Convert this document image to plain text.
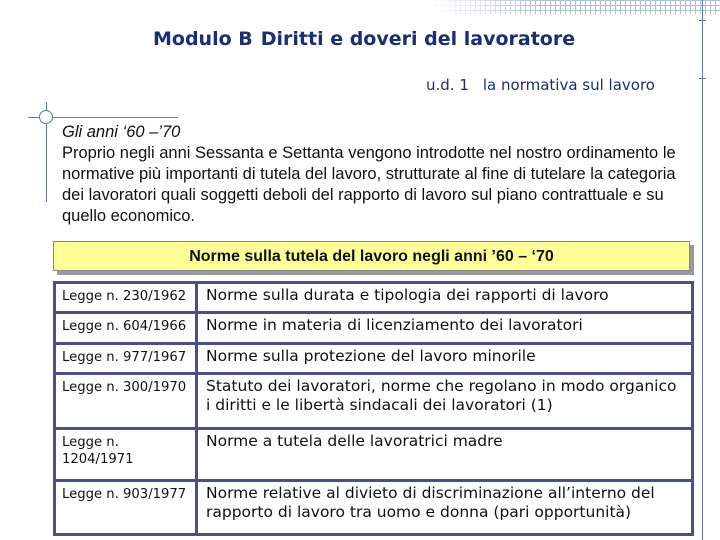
Modulo B Diritti e doveri del lavoratore
u.d. 1 la normativa sul lavoro
Gli anni ‘60 –’70
Proprio negli anni Sessanta e Settanta vengono introdotte nel nostro ordinamento le normative più importanti di tutela del lavoro, strutturate al fine di tutelare la categoria dei lavoratori quali soggetti deboli del rapporto di lavoro sul piano contrattuale e su quello economico.
Norme sulla tutela del lavoro negli anni ’60 – ‘70
Legge n. 230/1962	Norme sulla durata e tipologia dei rapporti di lavoro
Legge n. 604/1966	Norme in materia di licenziamento dei lavoratori
Legge n. 977/1967	Norme sulla protezione del lavoro minorile
Legge n. 300/1970	Statuto dei lavoratori, norme che regolano in modo organico i diritti e le libertà sindacali dei lavoratori (1)
Legge n. 1204/1971	Norme a tutela delle lavoratrici madre
Legge n. 903/1977	Norme relative al divieto di discriminazione all’interno del rapporto di lavoro tra uomo e donna (pari opportunità)
